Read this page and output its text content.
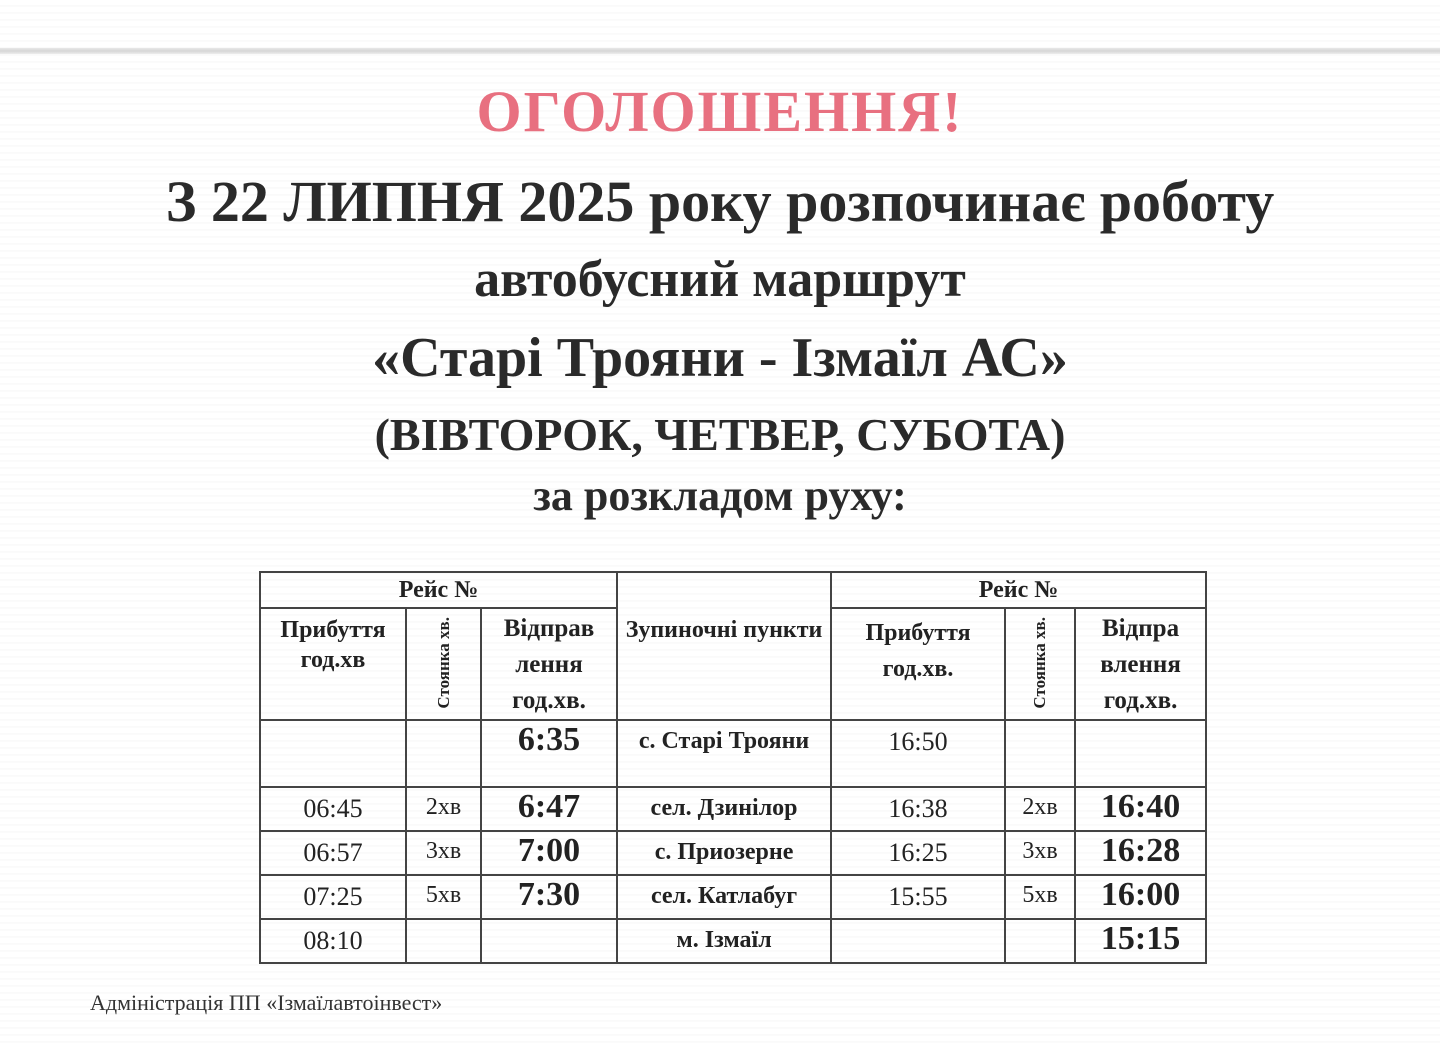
ОГОЛОШЕННЯ!
З 22 ЛИПНЯ 2025 року розпочинає роботу
автобусний маршрут
«Старі Трояни - Ізмаїл АС»
(ВІВТОРОК, ЧЕТВЕР, СУБОТА)
за розкладом руху:
Рейс №			Зупиночні пункти	Рейс №		
Прибуття год.хв	Стоянка хв.	Відправ лення год.хв.		Прибуття год.хв.	Стоянка хв.	Відпра влення год.хв.
		6:35	с. Старі Трояни	16:50		
06:45	2хв	6:47	сел. Дзинілор	16:38	2хв	16:40
06:57	3хв	7:00	с. Приозерне	16:25	3хв	16:28
07:25	5хв	7:30	сел. Катлабуг	15:55	5хв	16:00
08:10			м. Ізмаїл			15:15
Адміністрація ПП «Ізмаїлавтоінвест»
